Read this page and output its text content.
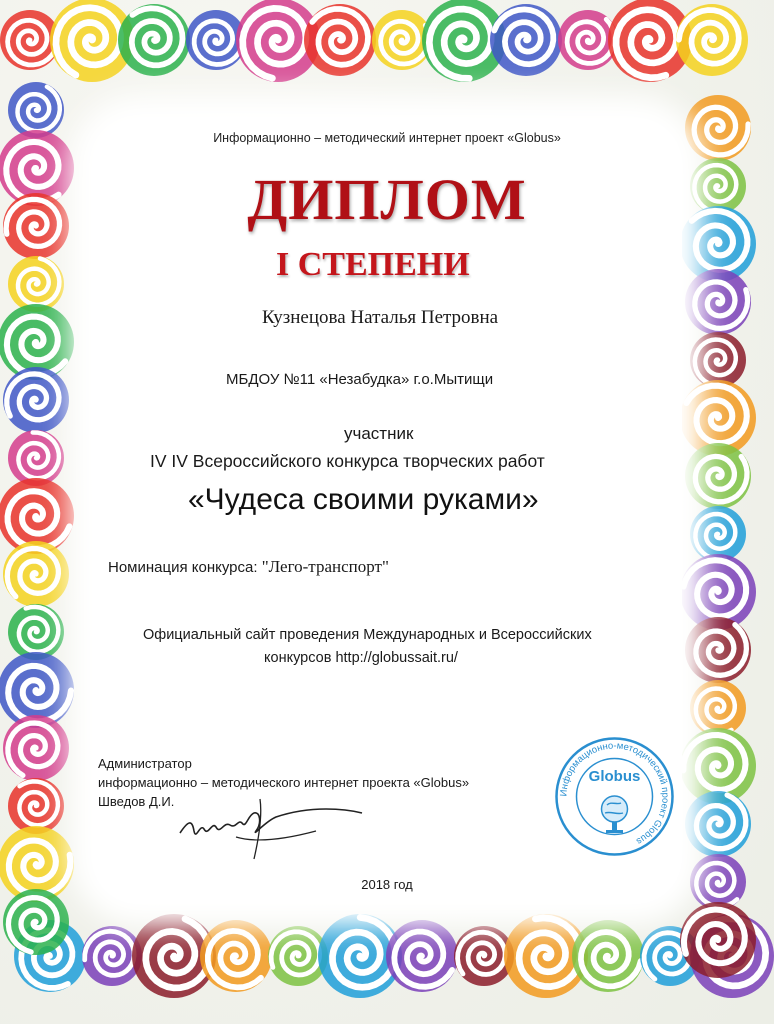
Информационно – методический интернет проект «Globus»
ДИПЛОМ
I СТЕПЕНИ
Кузнецова Наталья Петровна
МБДОУ №11 «Незабудка» г.о.Мытищи
участник
IV IV Всероссийского конкурса творческих работ
«Чудеса своими руками»
Номинация конкурса: "Лего-транспорт"
Официальный сайт проведения Международных и Всероссийских
конкурсов http://globussait.ru/
Администратор
информационно – методического интернет проекта «Globus»
Шведов Д.И.
Информационно-методический проект Globus
Globus
2018 год
